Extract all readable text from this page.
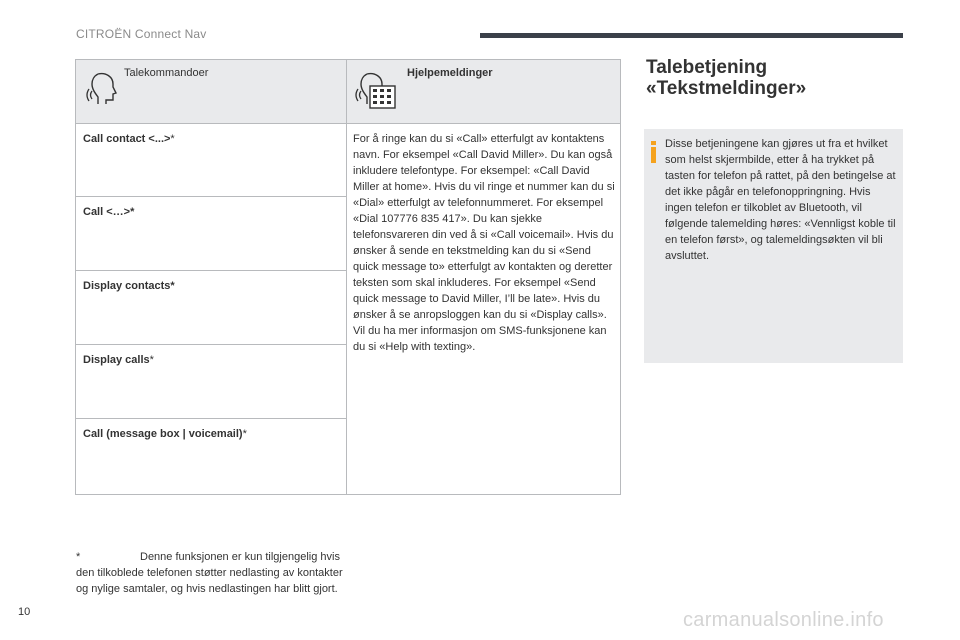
CITROËN Connect Nav
Talekommandoer	Hjelpemeldinger
Call contact <...>*
Call <…>*
Display contacts*
Display calls*
Call (message box | voicemail)*
For å ringe kan du si «Call» etterfulgt av kontaktens navn. For eksempel «Call David Miller». Du kan også inkludere telefontype. For eksempel: «Call David Miller at home». Hvis du vil ringe et nummer kan du si «Dial» etterfulgt av telefonnummeret. For eksempel «Dial 107776 835 417». Du kan sjekke telefonsvareren din ved å si «Call voicemail». Hvis du ønsker å sende en tekstmelding kan du si «Send quick message to» etterfulgt av kontakten og deretter teksten som skal inkluderes. For eksempel «Send quick message to David Miller, I’ll be late». Hvis du ønsker å se anropsloggen kan du si «Display calls». Vil du ha mer informasjon om SMS-funksjonene kan du si «Help with texting».
*	Denne funksjonen er kun tilgjengelig hvis den tilkoblede telefonen støtter nedlasting av kontakter og nylige samtaler, og hvis nedlastingen har blitt gjort.
Talebetjening
«Tekstmeldinger»
Disse betjeningene kan gjøres ut fra et hvilket som helst skjermbilde, etter å ha trykket på tasten for telefon på rattet, på den betingelse at det ikke pågår en telefonoppringning. Hvis ingen telefon er tilkoblet av Bluetooth, vil følgende talemelding høres: «Vennligst koble til en telefon først», og talemeldingsøkten vil bli avsluttet.
10	carmanualsonline.info
